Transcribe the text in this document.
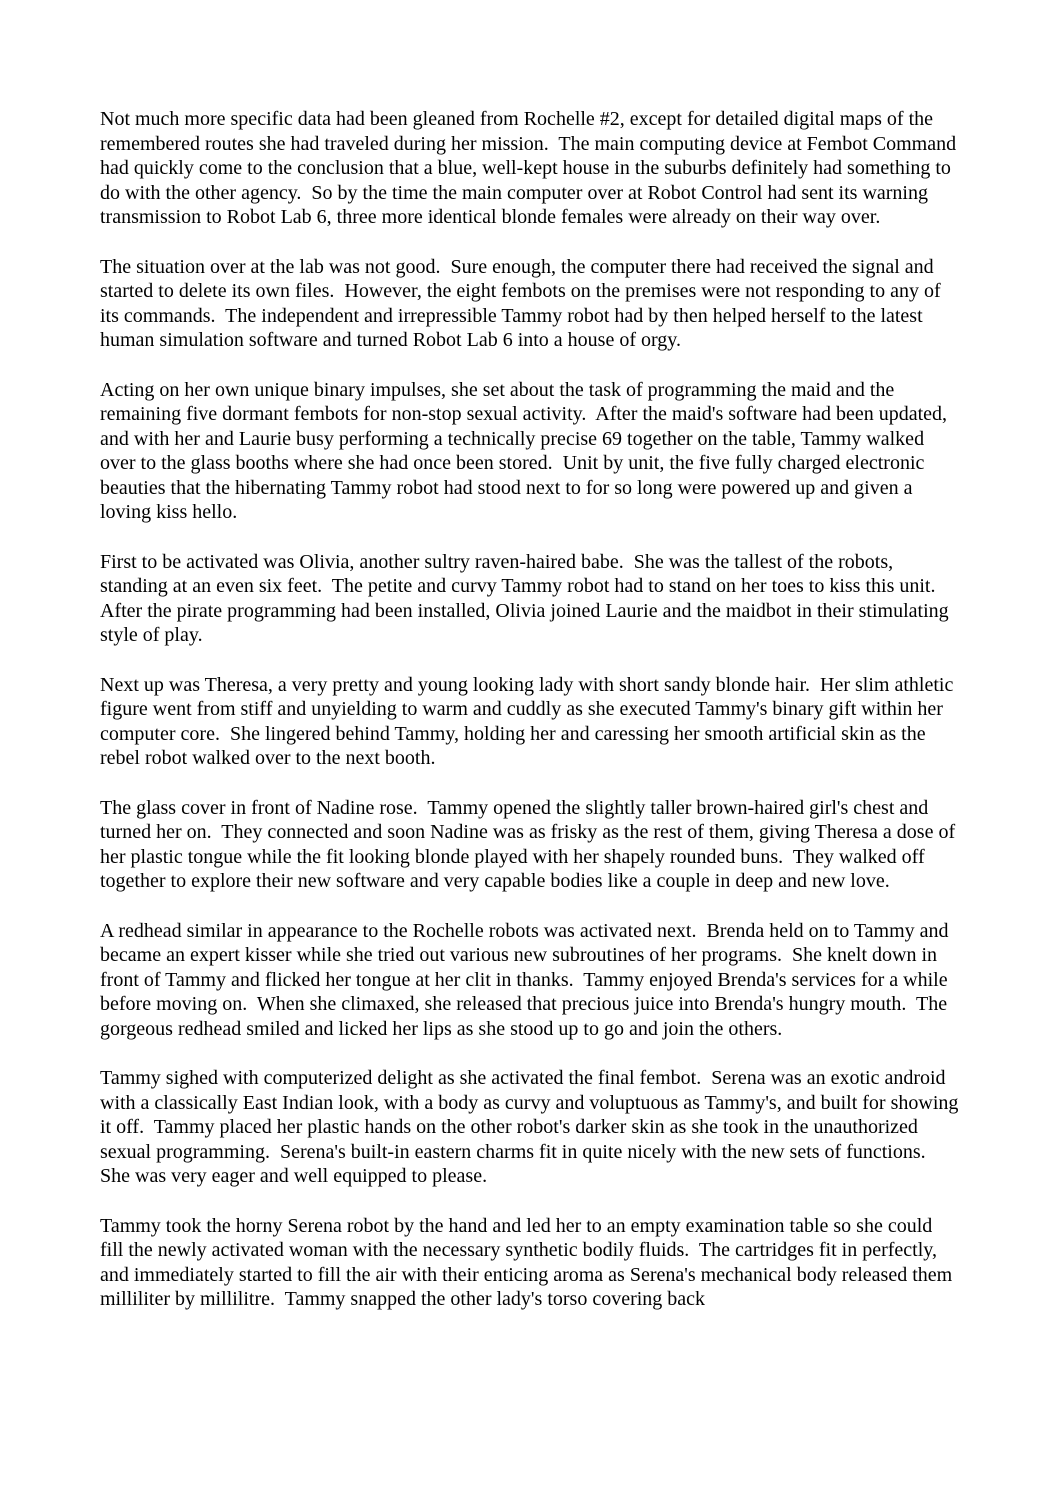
Not much more specific data had been gleaned from Rochelle #2, except for detailed digital maps of the remembered routes she had traveled during her mission.  The main computing device at Fembot Command had quickly come to the conclusion that a blue, well-kept house in the suburbs definitely had something to do with the other agency.  So by the time the main computer over at Robot Control had sent its warning transmission to Robot Lab 6, three more identical blonde females were already on their way over.

The situation over at the lab was not good.  Sure enough, the computer there had received the signal and started to delete its own files.  However, the eight fembots on the premises were not responding to any of its commands.  The independent and irrepressible Tammy robot had by then helped herself to the latest human simulation software and turned Robot Lab 6 into a house of orgy.

Acting on her own unique binary impulses, she set about the task of programming the maid and the remaining five dormant fembots for non-stop sexual activity.  After the maid's software had been updated, and with her and Laurie busy performing a technically precise 69 together on the table, Tammy walked over to the glass booths where she had once been stored.  Unit by unit, the five fully charged electronic beauties that the hibernating Tammy robot had stood next to for so long were powered up and given a loving kiss hello.

First to be activated was Olivia, another sultry raven-haired babe.  She was the tallest of the robots, standing at an even six feet.  The petite and curvy Tammy robot had to stand on her toes to kiss this unit.  After the pirate programming had been installed, Olivia joined Laurie and the maidbot in their stimulating style of play.

Next up was Theresa, a very pretty and young looking lady with short sandy blonde hair.  Her slim athletic figure went from stiff and unyielding to warm and cuddly as she executed Tammy's binary gift within her computer core.  She lingered behind Tammy, holding her and caressing her smooth artificial skin as the rebel robot walked over to the next booth.

The glass cover in front of Nadine rose.  Tammy opened the slightly taller brown-haired girl's chest and turned her on.  They connected and soon Nadine was as frisky as the rest of them, giving Theresa a dose of her plastic tongue while the fit looking blonde played with her shapely rounded buns.  They walked off together to explore their new software and very capable bodies like a couple in deep and new love.

A redhead similar in appearance to the Rochelle robots was activated next.  Brenda held on to Tammy and became an expert kisser while she tried out various new subroutines of her programs.  She knelt down in front of Tammy and flicked her tongue at her clit in thanks.  Tammy enjoyed Brenda's services for a while before moving on.  When she climaxed, she released that precious juice into Brenda's hungry mouth.  The gorgeous redhead smiled and licked her lips as she stood up to go and join the others.

Tammy sighed with computerized delight as she activated the final fembot.  Serena was an exotic android with a classically East Indian look, with a body as curvy and voluptuous as Tammy's, and built for showing it off.  Tammy placed her plastic hands on the other robot's darker skin as she took in the unauthorized sexual programming.  Serena's built-in eastern charms fit in quite nicely with the new sets of functions.  She was very eager and well equipped to please.

Tammy took the horny Serena robot by the hand and led her to an empty examination table so she could fill the newly activated woman with the necessary synthetic bodily fluids.  The cartridges fit in perfectly, and immediately started to fill the air with their enticing aroma as Serena's mechanical body released them milliliter by millilitre.  Tammy snapped the other lady's torso covering back
